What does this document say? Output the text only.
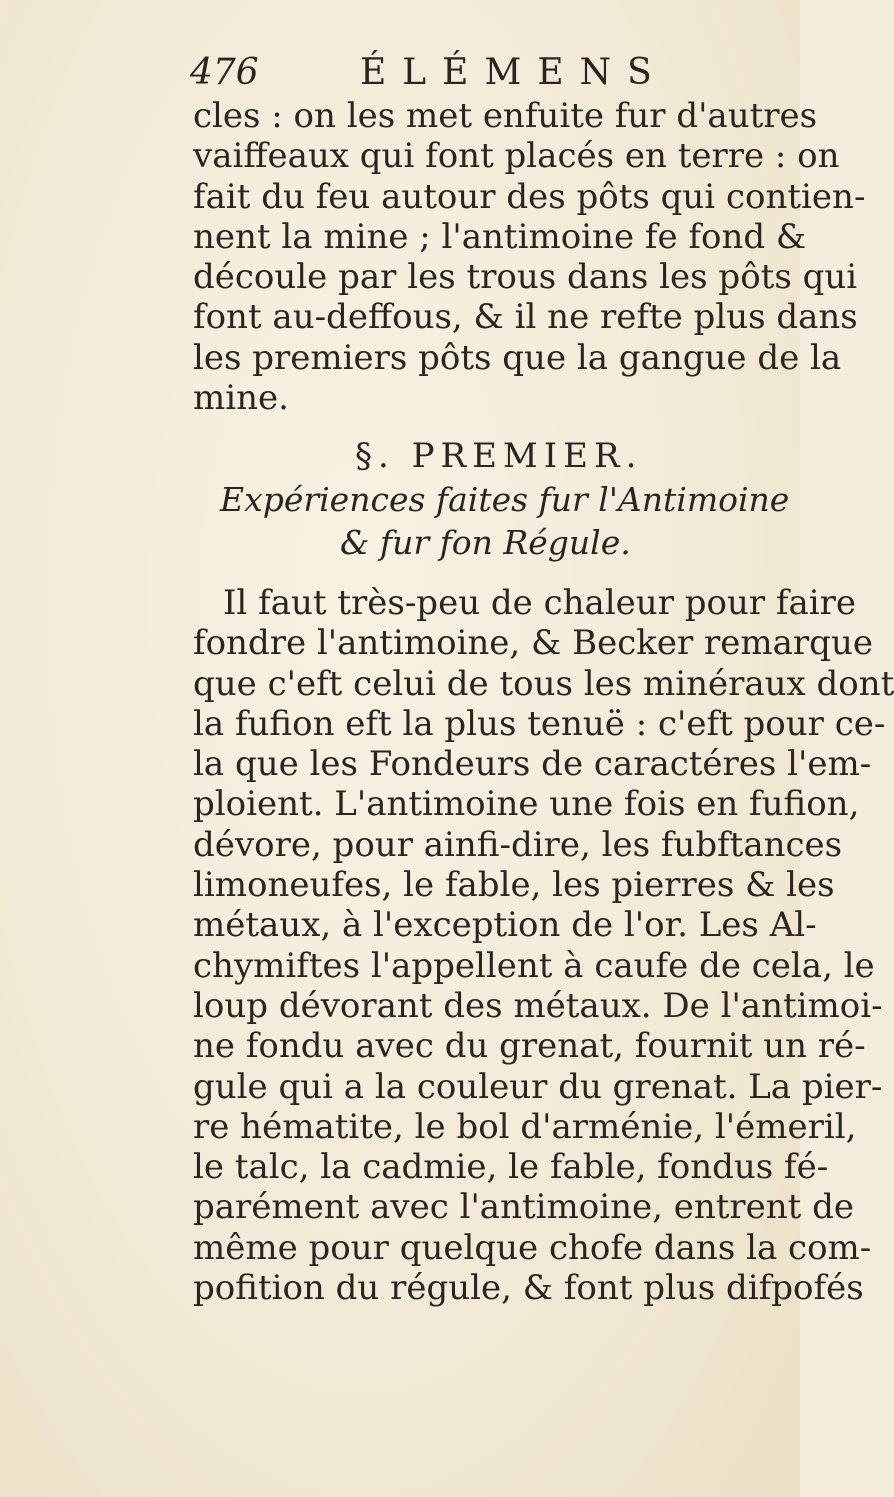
476	ÉLÉMENS
cles : on les met enfuite fur d'autres
vaiffeaux qui font placés en terre : on
fait du feu autour des pôts qui contien-
nent la mine ; l'antimoine fe fond &
découle par les trous dans les pôts qui
font au-deffous, & il ne refte plus dans
les premiers pôts que la gangue de la
mine.
§. PREMIER.
Expériences faites fur l'Antimoine
& fur fon Régule.
Il faut très-peu de chaleur pour faire
fondre l'antimoine, & Becker remarque
que c'eft celui de tous les minéraux dont
la fufion eft la plus tenuë : c'eft pour ce-
la que les Fondeurs de caractéres l'em-
ploient. L'antimoine une fois en fufion,
dévore, pour ainfi-dire, les fubftances
limoneufes, le fable, les pierres & les
métaux, à l'exception de l'or. Les Al-
chymiftes l'appellent à caufe de cela, le
loup dévorant des métaux. De l'antimoi-
ne fondu avec du grenat, fournit un ré-
gule qui a la couleur du grenat. La pier-
re hématite, le bol d'arménie, l'émeril,
le talc, la cadmie, le fable, fondus fé-
parément avec l'antimoine, entrent de
même pour quelque chofe dans la com-
pofition du régule, & font plus difpofés
